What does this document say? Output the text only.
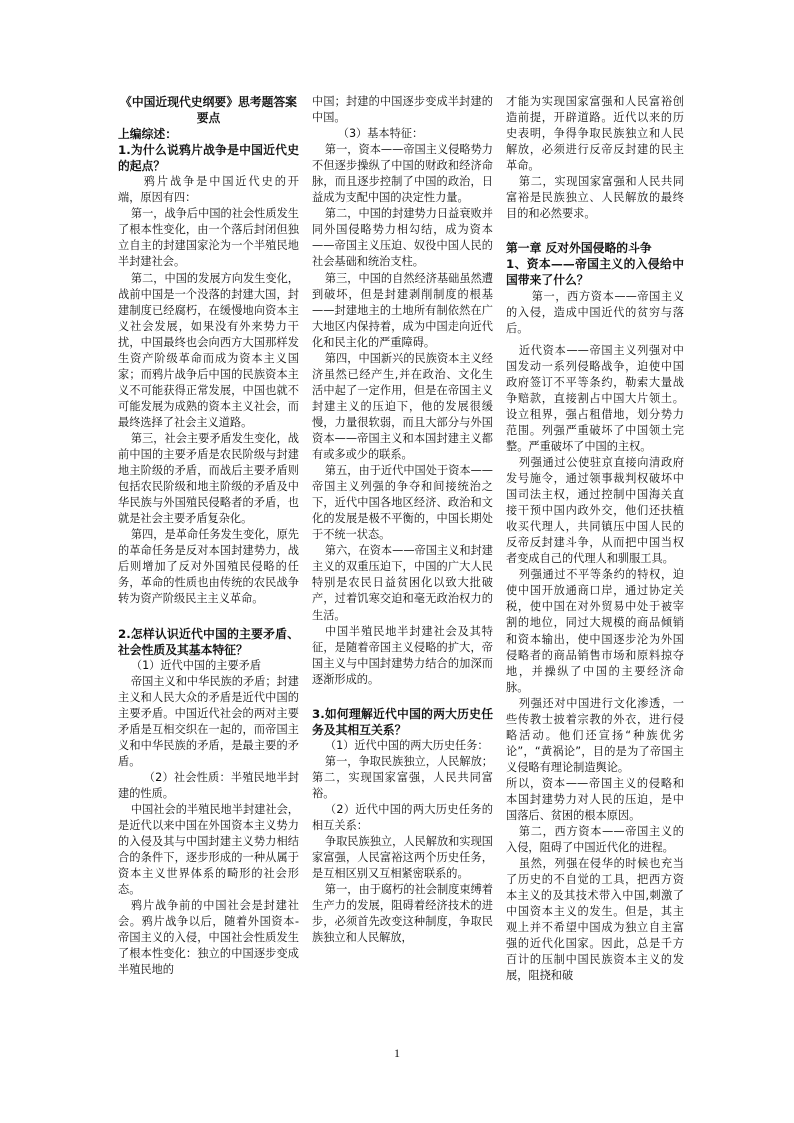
《中国近现代史纲要》思考题答案要点

上编综述：

1.为什么说鸦片战争是中国近代史的起点？

鸦片战争是中国近代史的开端，原因有四：

第一，战争后中国的社会性质发生了根本性变化，由一个落后封闭但独立自主的封建国家沦为一个半殖民地半封建社会。

第二，中国的发展方向发生变化，战前中国是一个没落的封建大国，封建制度已经腐朽，在缓慢地向资本主义社会发展，如果没有外来势力干扰，中国最终也会向西方大国那样发生资产阶级革命而成为资本主义国家；而鸦片战争后中国的民族资本主义不可能获得正常发展，中国也就不可能发展为成熟的资本主义社会，而最终选择了社会主义道路。

第三，社会主要矛盾发生变化，战前中国的主要矛盾是农民阶级与封建地主阶级的矛盾，而战后主要矛盾则包括农民阶级和地主阶级的矛盾及中华民族与外国殖民侵略者的矛盾，也就是社会主要矛盾复杂化。

第四，是革命任务发生变化，原先的革命任务是反对本国封建势力，战后则增加了反对外国殖民侵略的任务，革命的性质也由传统的农民战争转为资产阶级民主主义革命。

2.怎样认识近代中国的主要矛盾、社会性质及其基本特征？

（1）近代中国的主要矛盾

帝国主义和中华民族的矛盾；封建主义和人民大众的矛盾是近代中国的主要矛盾。中国近代社会的两对主要矛盾是互相交织在一起的，而帝国主义和中华民族的矛盾，是最主要的矛盾。

（2）社会性质：半殖民地半封建的性质。

中国社会的半殖民地半封建社会，是近代以来中国在外国资本主义势力的入侵及其与中国封建主义势力相结合的条件下，逐步形成的一种从属于资本主义世界体系的畸形的社会形态。

鸦片战争前的中国社会是封建社会。鸦片战争以后，随着外国资本-帝国主义的入侵，中国社会性质发生了根本性变化：独立的中国逐步变成半殖民地的

中国；封建的中国逐步变成半封建的中国。

（3）基本特征：

第一，资本——帝国主义侵略势力不但逐步操纵了中国的财政和经济命脉，而且逐步控制了中国的政治，日益成为支配中国的决定性力量。

第二，中国的封建势力日益衰败并同外国侵略势力相勾结，成为资本——帝国主义压迫、奴役中国人民的社会基础和统治支柱。

第三，中国的自然经济基础虽然遭到破坏，但是封建剥削制度的根基——封建地主的土地所有制依然在广大地区内保持着，成为中国走向近代化和民主化的严重障碍。

第四，中国新兴的民族资本主义经济虽然已经产生,并在政治、文化生活中起了一定作用，但是在帝国主义封建主义的压迫下，他的发展很缓慢，力量很软弱，而且大部分与外国资本——帝国主义和本国封建主义都有或多或少的联系。

第五，由于近代中国处于资本——帝国主义列强的争夺和间接统治之下，近代中国各地区经济、政治和文化的发展是极不平衡的，中国长期处于不统一状态。

第六，在资本——帝国主义和封建主义的双重压迫下，中国的广大人民特别是农民日益贫困化以致大批破产，过着饥寒交迫和毫无政治权力的生活。

中国半殖民地半封建社会及其特征，是随着帝国主义侵略的扩大，帝国主义与中国封建势力结合的加深而逐渐形成的。

3.如何理解近代中国的两大历史任务及其相互关系？

（1）近代中国的两大历史任务：

第一，争取民族独立，人民解放；第二，实现国家富强，人民共同富裕。

（2）近代中国的两大历史任务的相互关系：

争取民族独立，人民解放和实现国家富强，人民富裕这两个历史任务，是互相区别又互相紧密联系的。

第一，由于腐朽的社会制度束缚着生产力的发展，阻碍着经济技术的进步，必须首先改变这种制度，争取民族独立和人民解放，

才能为实现国家富强和人民富裕创造前提，开辟道路。近代以来的历史表明，争得争取民族独立和人民解放，必须进行反帝反封建的民主革命。

第二，实现国家富强和人民共同富裕是民族独立、人民解放的最终目的和必然要求。

第一章 反对外国侵略的斗争

1、资本——帝国主义的入侵给中国带来了什么？

第一，西方资本——帝国主义的入侵，造成中国近代的贫穷与落后。

近代资本——帝国主义列强对中国发动一系列侵略战争，迫使中国政府签订不平等条约，勒索大量战争赔款，直接割占中国大片领土。设立租界，强占租借地，划分势力范围。列强严重破坏了中国领土完整。严重破坏了中国的主权。

列强通过公使驻京直接向清政府发号施令，通过领事裁判权破坏中国司法主权，通过控制中国海关直接干预中国内政外交，他们还扶植收买代理人，共同镇压中国人民的反帝反封建斗争，从而把中国当权者变成自己的代理人和驯服工具。

列强通过不平等条约的特权，迫使中国开放通商口岸，通过协定关税，使中国在对外贸易中处于被宰割的地位，同过大规模的商品倾销和资本输出，使中国逐步沦为外国侵略者的商品销售市场和原料掠夺地，并操纵了中国的主要经济命脉。

列强还对中国进行文化渗透，一些传教士披着宗教的外衣，进行侵略活动。他们还宣扬“种族优劣论”，“黄祸论”，目的是为了帝国主义侵略有理论制造舆论。

所以，资本——帝国主义的侵略和本国封建势力对人民的压迫，是中国落后、贫困的根本原因。

第二，西方资本——帝国主义的入侵，阻碍了中国近代化的进程。

虽然，列强在侵华的时候也充当了历史的不自觉的工具，把西方资本主义的及其技术带入中国,刺激了中国资本主义的发生。但是，其主观上并不希望中国成为独立自主富强的近代化国家。因此，总是千方百计的压制中国民族资本主义的发展，阻挠和破

1
